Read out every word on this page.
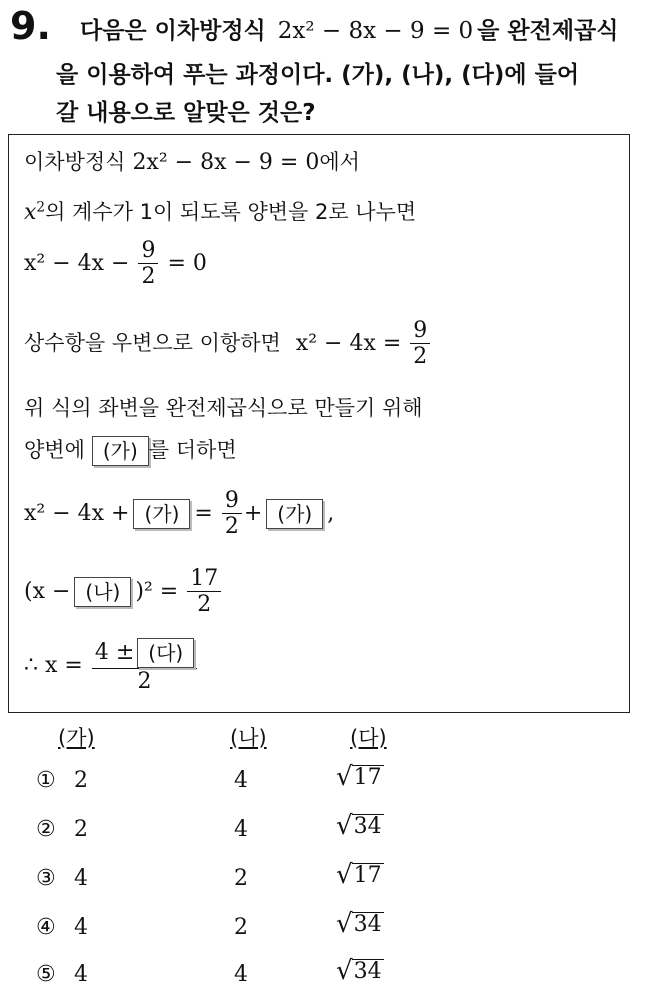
9. 다음은 이차방정식 2x² − 8x − 9 = 0 을 완전제곱식
을 이용하여 푸는 과정이다. (가), (나), (다)에 들어
갈 내용으로 알맞은 것은?
이차방정식 2x² − 8x − 9 = 0에서
$x^2$의 계수가 1이 되도록 양변을 2로 나누면
$x^2 - 4x - \frac{9}{2} = 0$
상수항을 우변으로 이항하면 $x^2 - 4x = \frac{9}{2}$
위 식의 좌변을 완전제곱식으로 만들기 위해
양변에 (가) 를 더하면
x² − 4x + (가) = $\frac{9}{2}$ + (가) ,
(x − (나) )$^2 = \frac{17}{2}$
∴ $x = \frac{\text{4 ± (다)}}{2}$
(가)	(나)	(다)
① 2	4	√ 17
② 2	4	√ 34
③ 4	2	√ 17
④ 4	2	√ 34
⑤ 4	4	√ 34
